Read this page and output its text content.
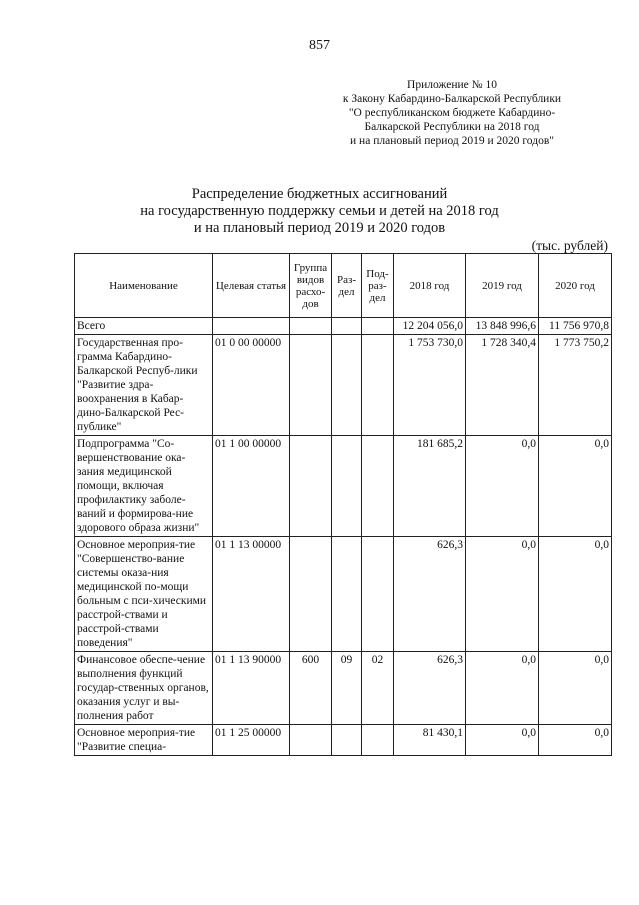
857
Приложение № 10
к Закону Кабардино-Балкарской Республики
"О республиканском бюджете Кабардино-
Балкарской Республики на 2018 год
и на плановый период 2019 и 2020 годов"
Распределение бюджетных ассигнований
на государственную поддержку семьи и детей на 2018 год
и на плановый период 2019 и 2020 годов
(тыс. рублей)
Наименование	Целевая статья	Группа видов расхо-дов	Раз-дел	Под-раз-дел	2018 год	2019 год	2020 год
Всего					12 204 056,0	13 848 996,6	11 756 970,8
Государственная про-грамма Кабардино-Балкарской Респуб-лики "Развитие здра-воохранения в Кабар-дино-Балкарской Рес-публике"	01 0 00 00000				1 753 730,0	1 728 340,4	1 773 750,2
Подпрограмма "Со-вершенствование ока-зания медицинской помощи, включая профилактику заболе-ваний и формирова-ние здорового образа жизни"	01 1 00 00000				181 685,2	0,0	0,0
Основное мероприя-тие "Совершенство-вание системы оказа-ния медицинской по-мощи больным с пси-хическими расстрой-ствами и расстрой-ствами поведения"	01 1 13 00000				626,3	0,0	0,0
Финансовое обеспе-чение выполнения функций государ-ственных органов, оказания услуг и вы-полнения работ	01 1 13 90000	600	09	02	626,3	0,0	0,0
Основное мероприя-тие "Развитие специа-	01 1 25 00000				81 430,1	0,0	0,0
